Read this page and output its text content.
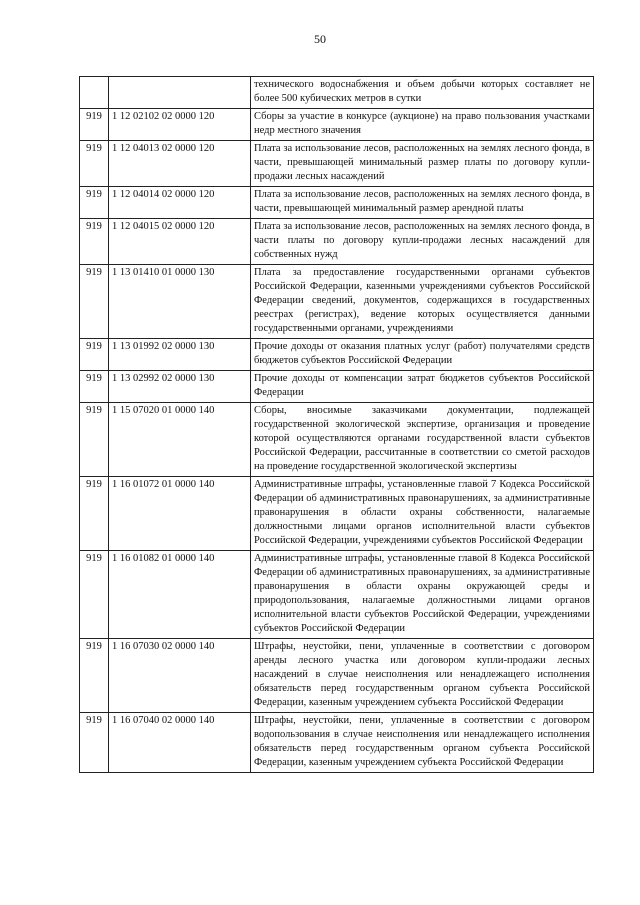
50
		технического водоснабжения и объем добычи которых составляет не более 500 кубических метров в сутки
919	1 12 02102 02 0000 120	Сборы за участие в конкурсе (аукционе) на право пользования участками недр местного значения
919	1 12 04013 02 0000 120	Плата за использование лесов, расположенных на землях лесного фонда, в части, превышающей минимальный размер платы по договору купли-продажи лесных насаждений
919	1 12 04014 02 0000 120	Плата за использование лесов, расположенных на землях лесного фонда, в части, превышающей минимальный размер арендной платы
919	1 12 04015 02 0000 120	Плата за использование лесов, расположенных на землях лесного фонда, в части платы по договору купли-продажи лесных насаждений для собственных нужд
919	1 13 01410 01 0000 130	Плата за предоставление государственными органами субъектов Российской Федерации, казенными учреждениями субъектов Российской Федерации сведений, документов, содержащихся в государственных реестрах (регистрах), ведение которых осуществляется данными государственными органами, учреждениями
919	1 13 01992 02 0000 130	Прочие доходы от оказания платных услуг (работ) получателями средств бюджетов субъектов Российской Федерации
919	1 13 02992 02 0000 130	Прочие доходы от компенсации затрат бюджетов субъектов Российской Федерации
919	1 15 07020 01 0000 140	Сборы, вносимые заказчиками документации, подлежащей государственной экологической экспертизе, организация и проведение которой осуществляются органами государственной власти субъектов Российской Федерации, рассчитанные в соответствии со сметой расходов на проведение государственной экологической экспертизы
919	1 16 01072 01 0000 140	Административные штрафы, установленные главой 7 Кодекса Российской Федерации об административных правонарушениях, за административные правонарушения в области охраны собственности, налагаемые должностными лицами органов исполнительной власти субъектов Российской Федерации, учреждениями субъектов Российской Федерации
919	1 16 01082 01 0000 140	Административные штрафы, установленные главой 8 Кодекса Российской Федерации об административных правонарушениях, за административные правонарушения в области охраны окружающей среды и природопользования, налагаемые должностными лицами органов исполнительной власти субъектов Российской Федерации, учреждениями субъектов Российской Федерации
919	1 16 07030 02 0000 140	Штрафы, неустойки, пени, уплаченные в соответствии с договором аренды лесного участка или договором купли-продажи лесных насаждений в случае неисполнения или ненадлежащего исполнения обязательств перед государственным органом субъекта Российской Федерации, казенным учреждением субъекта Российской Федерации
919	1 16 07040 02 0000 140	Штрафы, неустойки, пени, уплаченные в соответствии с договором водопользования в случае неисполнения или ненадлежащего исполнения обязательств перед государственным органом субъекта Российской Федерации, казенным учреждением субъекта Российской Федерации
